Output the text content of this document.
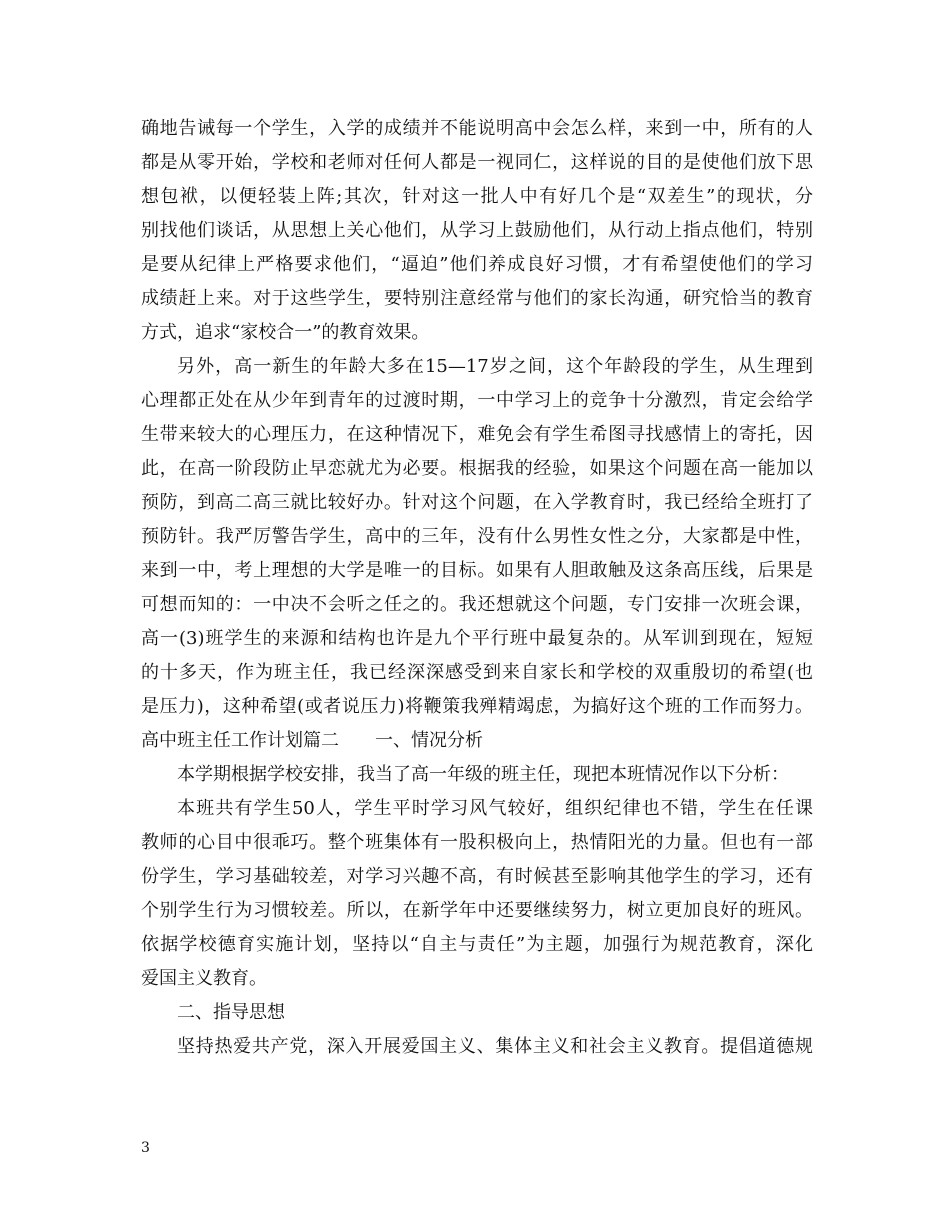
确地告诫每一个学生，入学的成绩并不能说明高中会怎么样，来到一中，所有的人
都是从零开始，学校和老师对任何人都是一视同仁，这样说的目的是使他们放下思
想包袱，以便轻装上阵;其次，针对这一批人中有好几个是“双差生”的现状，分
别找他们谈话，从思想上关心他们，从学习上鼓励他们，从行动上指点他们，特别
是要从纪律上严格要求他们，“逼迫”他们养成良好习惯，才有希望使他们的学习
成绩赶上来。对于这些学生，要特别注意经常与他们的家长沟通，研究恰当的教育
方式，追求“家校合一”的教育效果。
另外，高一新生的年龄大多在15—17岁之间，这个年龄段的学生，从生理到
心理都正处在从少年到青年的过渡时期，一中学习上的竞争十分激烈，肯定会给学
生带来较大的心理压力，在这种情况下，难免会有学生希图寻找感情上的寄托，因
此，在高一阶段防止早恋就尤为必要。根据我的经验，如果这个问题在高一能加以
预防，到高二高三就比较好办。针对这个问题，在入学教育时，我已经给全班打了
预防针。我严厉警告学生，高中的三年，没有什么男性女性之分，大家都是中性，
来到一中，考上理想的大学是唯一的目标。如果有人胆敢触及这条高压线，后果是
可想而知的：一中决不会听之任之的。我还想就这个问题，专门安排一次班会课，
高一(3)班学生的来源和结构也许是九个平行班中最复杂的。从军训到现在，短短
的十多天，作为班主任，我已经深深感受到来自家长和学校的双重殷切的希望(也
是压力)，这种希望(或者说压力)将鞭策我殚精竭虑，为搞好这个班的工作而努力。
高中班主任工作计划篇二　　一、情况分析
本学期根据学校安排，我当了高一年级的班主任，现把本班情况作以下分析：
本班共有学生50人，学生平时学习风气较好，组织纪律也不错，学生在任课
教师的心目中很乖巧。整个班集体有一股积极向上，热情阳光的力量。但也有一部
份学生，学习基础较差，对学习兴趣不高，有时候甚至影响其他学生的学习，还有
个别学生行为习惯较差。所以，在新学年中还要继续努力，树立更加良好的班风。
依据学校德育实施计划，坚持以“自主与责任”为主题，加强行为规范教育，深化
爱国主义教育。
二、指导思想
坚持热爱共产党，深入开展爱国主义、集体主义和社会主义教育。提倡道德规
3
